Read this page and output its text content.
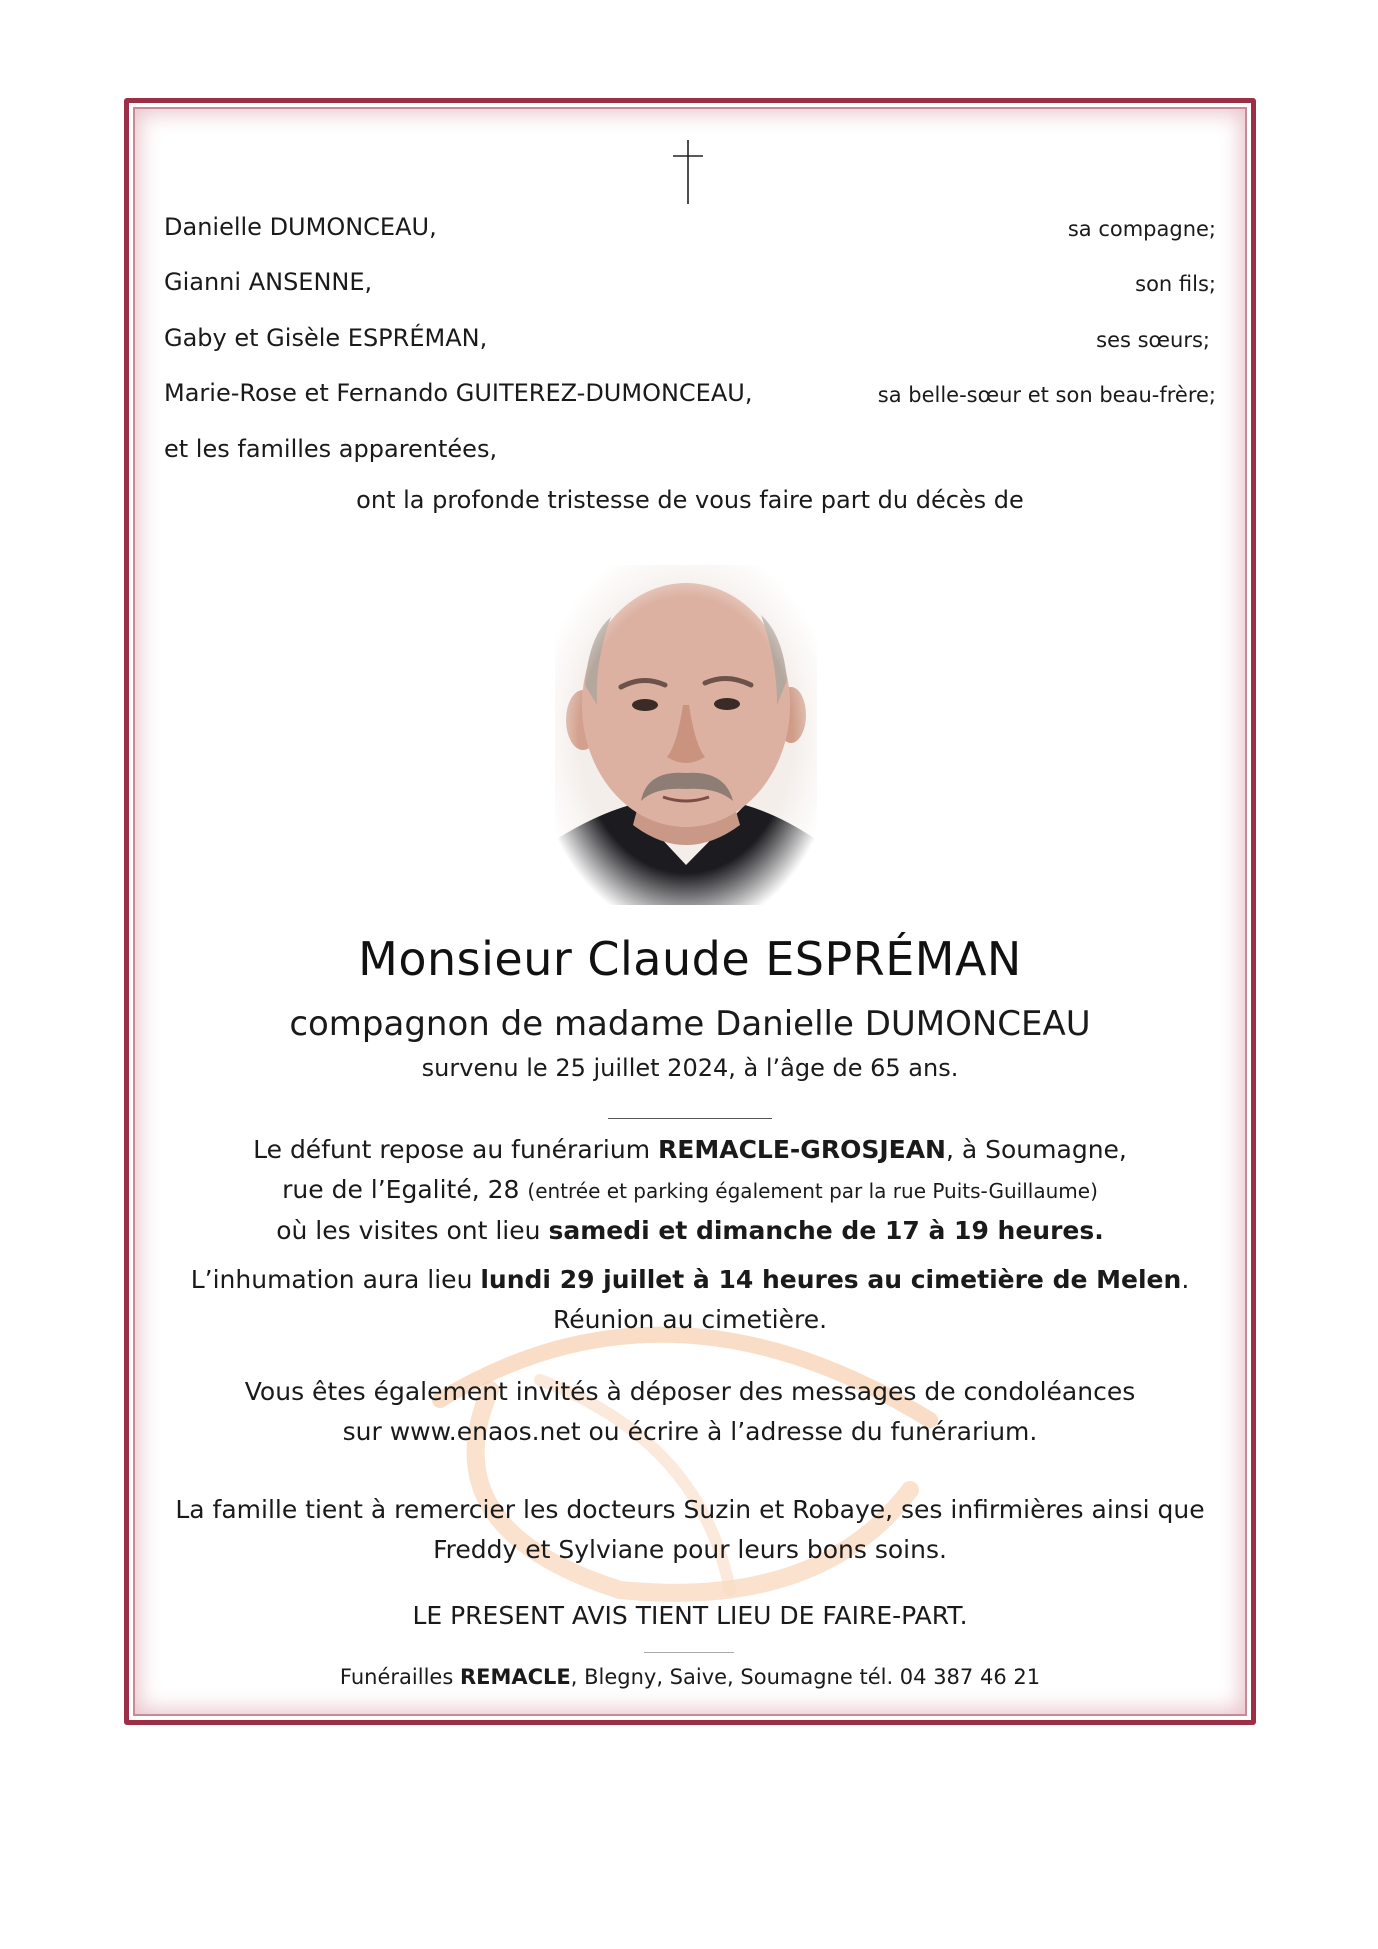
Danielle DUMONCEAU,	sa compagne;
Gianni ANSENNE,	son fils;
Gaby et Gisèle ESPRÉMAN,	ses sœurs;
Marie-Rose et Fernando GUITEREZ-DUMONCEAU,	sa belle-sœur et son beau-frère;
et les familles apparentées,
ont la profonde tristesse de vous faire part du décès de
Monsieur Claude ESPRÉMAN
compagnon de madame Danielle DUMONCEAU
survenu le 25 juillet 2024, à l’âge de 65 ans.
Le défunt repose au funérarium REMACLE-GROSJEAN, à Soumagne,
rue de l’Egalité, 28 (entrée et parking également par la rue Puits-Guillaume)
où les visites ont lieu samedi et dimanche de 17 à 19 heures.
L’inhumation aura lieu lundi 29 juillet à 14 heures au cimetière de Melen.
Réunion au cimetière.
Vous êtes également invités à déposer des messages de condoléances
sur www.enaos.net ou écrire à l’adresse du funérarium.
La famille tient à remercier les docteurs Suzin et Robaye, ses infirmières ainsi que
Freddy et Sylviane pour leurs bons soins.
LE PRESENT AVIS TIENT LIEU DE FAIRE-PART.
Funérailles REMACLE, Blegny, Saive, Soumagne tél. 04 387 46 21
